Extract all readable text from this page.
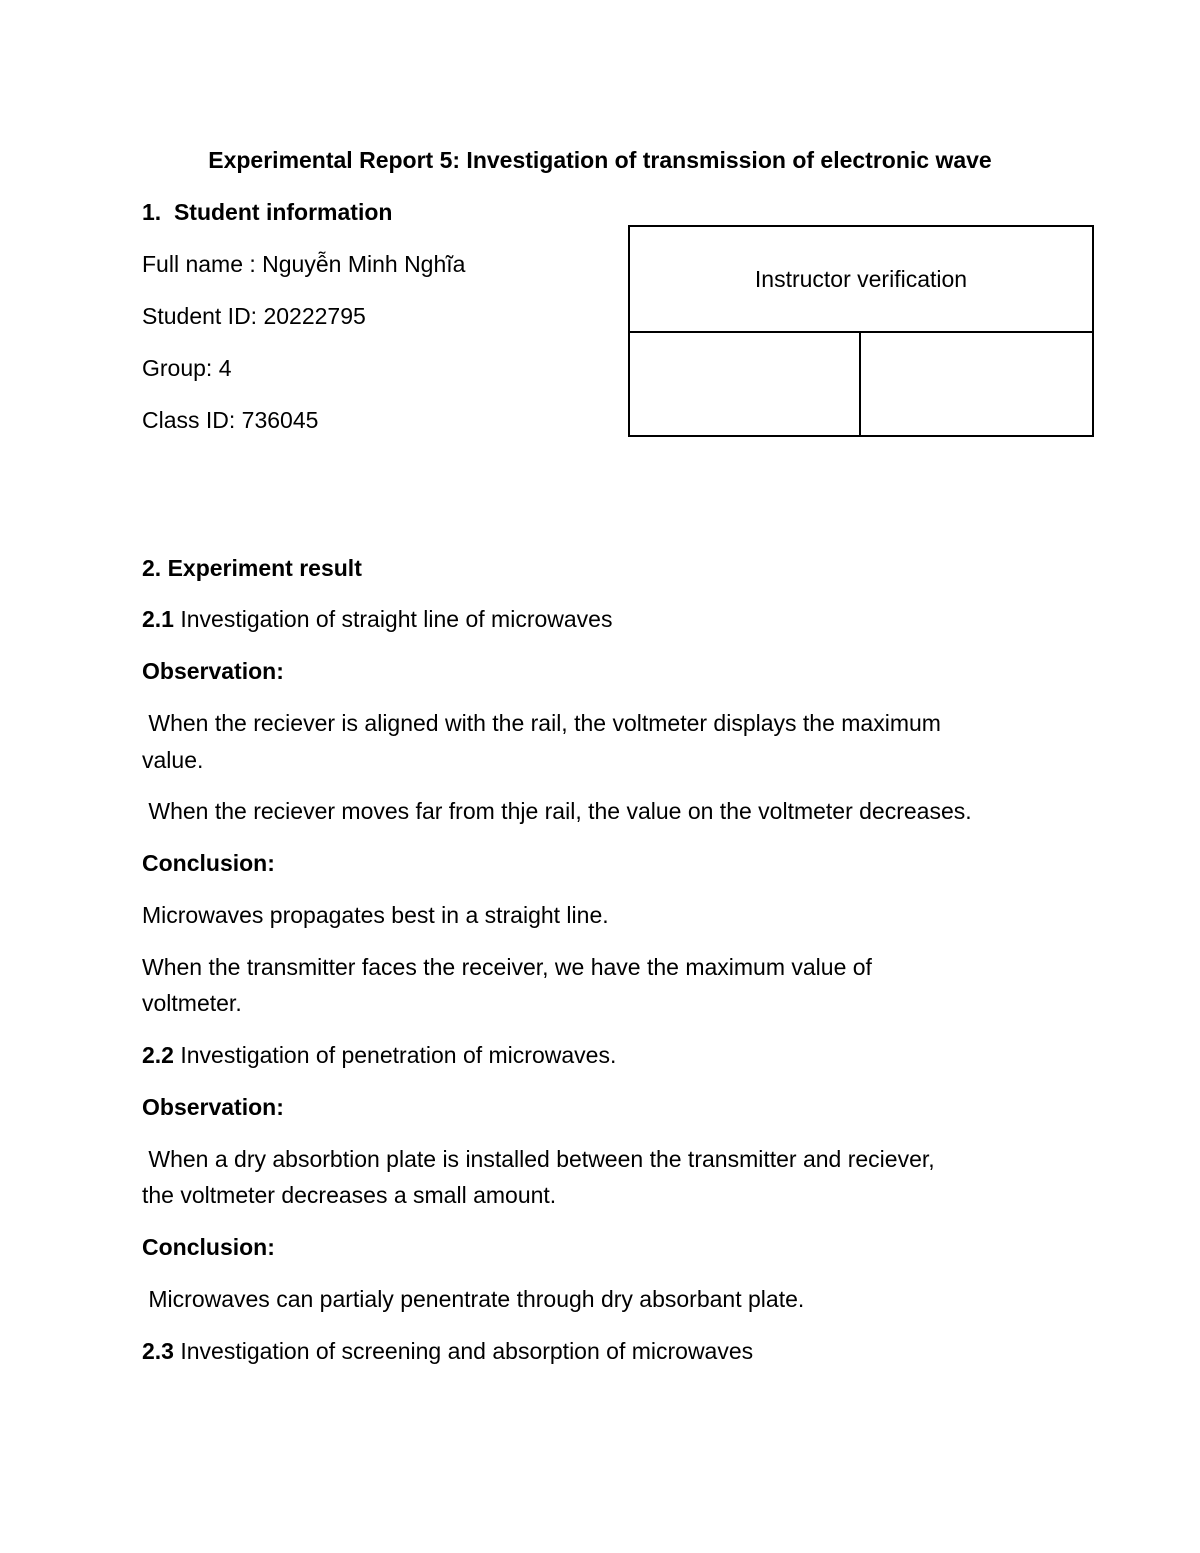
Experimental Report 5: Investigation of transmission of electronic wave
1.  Student information
Full name : Nguyễn Minh Nghĩa
Student ID: 20222795
Group: 4
Class ID: 736045
Instructor verification
2. Experiment result
2.1 Investigation of straight line of microwaves
Observation:
When the reciever is aligned with the rail, the voltmeter displays the maximum
value.
When the reciever moves far from thje rail, the value on the voltmeter decreases.
Conclusion:
Microwaves propagates best in a straight line.
When the transmitter faces the receiver, we have the maximum value of
voltmeter.
2.2 Investigation of penetration of microwaves.
Observation:
When a dry absorbtion plate is installed between the transmitter and reciever,
the voltmeter decreases a small amount.
Conclusion:
Microwaves can partialy penentrate through dry absorbant plate.
2.3 Investigation of screening and absorption of microwaves
